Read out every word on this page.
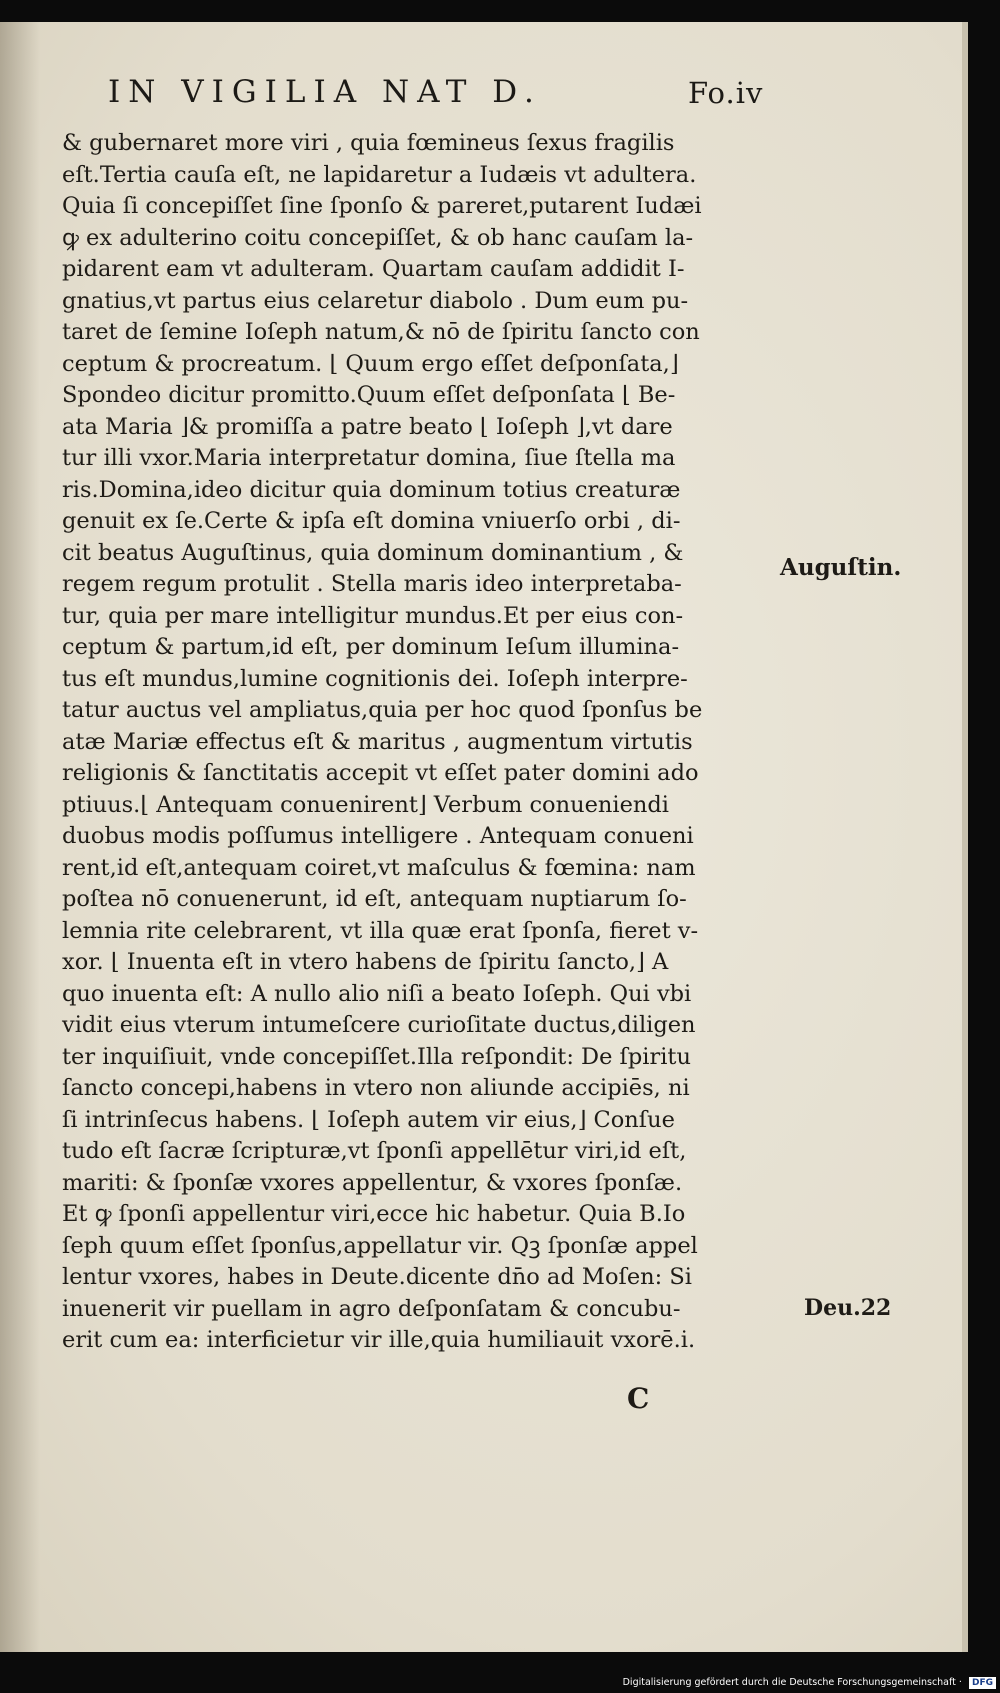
IN VIGILIA NAT D.	Fo.iv
& gubernaret more viri , quia fœmineus ſexus fragilis
eſt.Tertia cauſa eſt, ne lapidaretur a Iudæis vt adultera.
Quia ſi concepiſſet ſine ſponſo & pareret,putarent Iudæi
ꝙ ex adulterino coitu concepiſſet, & ob hanc cauſam la-
pidarent eam vt adulteram. Quartam cauſam addidit I-
gnatius,vt partus eius celaretur diabolo . Dum eum pu-
taret de ſemine Ioſeph natum,& nō de ſpiritu ſancto con
ceptum & procreatum. ⌊ Quum ergo eſſet deſponſata,⌋
Spondeo dicitur promitto.Quum eſſet deſponſata ⌊ Be-
ata Maria ⌋& promiſſa a patre beato ⌊ Ioſeph ⌋,vt dare
tur illi vxor.Maria interpretatur domina, ſiue ſtella ma
ris.Domina,ideo dicitur quia dominum totius creaturæ
genuit ex ſe.Certe & ipſa eſt domina vniuerſo orbi , di-
cit beatus Auguſtinus, quia dominum dominantium , &
regem regum protulit . Stella maris ideo interpretaba-
tur, quia per mare intelligitur mundus.Et per eius con-
ceptum & partum,id eſt, per dominum Ieſum illumina-
tus eſt mundus,lumine cognitionis dei. Ioſeph interpre-
tatur auctus vel ampliatus,quia per hoc quod ſponſus be
atæ Mariæ effectus eſt & maritus , augmentum virtutis
religionis & ſanctitatis accepit vt eſſet pater domini ado
ptiuus.⌊ Antequam conuenirent⌋ Verbum conueniendi
duobus modis poſſumus intelligere . Antequam conueni
rent,id eſt,antequam coiret,vt maſculus & fœmina: nam
poſtea nō conuenerunt, id eſt, antequam nuptiarum ſo-
lemnia rite celebrarent, vt illa quæ erat ſponſa, fieret v-
xor. ⌊ Inuenta eſt in vtero habens de ſpiritu ſancto,⌋ A
quo inuenta eſt: A nullo alio niſi a beato Ioſeph. Qui vbi
vidit eius vterum intumeſcere curioſitate ductus,diligen
ter inquiſiuit, vnde concepiſſet.Illa reſpondit: De ſpiritu
ſancto concepi,habens in vtero non aliunde accipiēs, ni
ſi intrinſecus habens. ⌊ Ioſeph autem vir eius,⌋ Conſue
tudo eſt ſacræ ſcripturæ,vt ſponſi appellētur viri,id eſt,
mariti: & ſponſæ vxores appellentur, & vxores ſponſæ.
Et ꝙ ſponſi appellentur viri,ecce hic habetur. Quia B.Io
ſeph quum eſſet ſponſus,appellatur vir. Qꝫ ſponſæ appel
lentur vxores, habes in Deute.dicente dn̄o ad Moſen: Si
inuenerit vir puellam in agro deſponſatam & concubu-
erit cum ea: interficietur vir ille,quia humiliauit vxorē.i.
Auguſtin.
Deu.22
C
Digitalisierung gefördert durch die Deutsche Forschungsgemeinschaft · DFG
